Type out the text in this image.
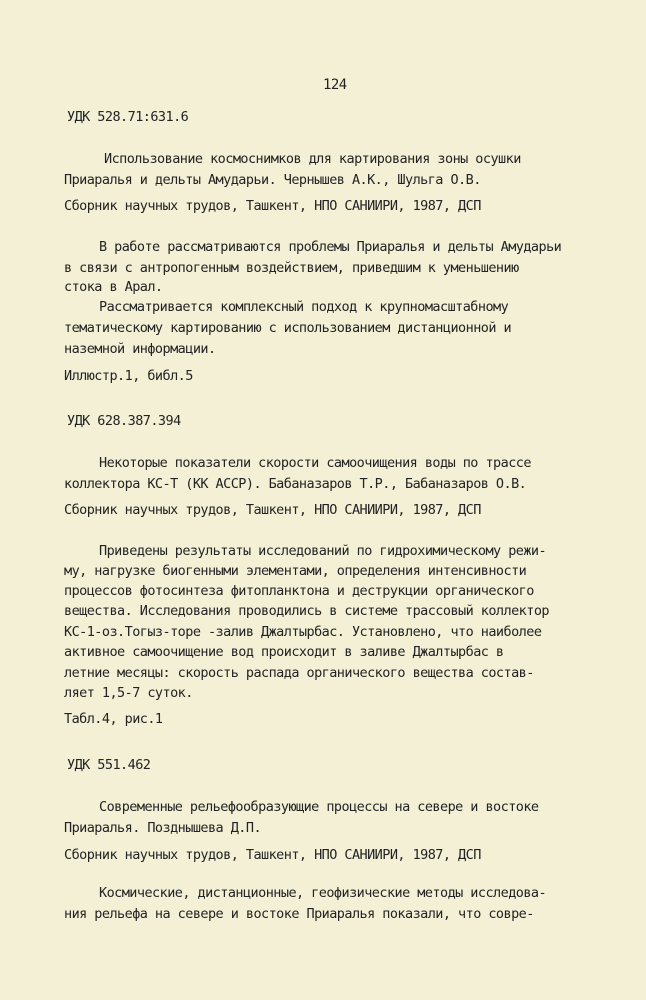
124
УДК 528.71:631.6
Использование космоснимков для картирования зоны осушки
Приаралья и дельты Амударьи. Чернышев А.К., Шульга О.В.
Сборник научных трудов, Ташкент, НПО САНИИРИ, 1987, ДСП
В работе рассматриваются проблемы Приаралья и дельты Амударьи
в связи с антропогенным воздействием, приведшим к уменьшению
стока в Арал.
Рассматривается комплексный подход к крупномасштабному
тематическому картированию с использованием дистанционной и
наземной информации.
Иллюстр.1, библ.5
УДК 628.387.394
Некоторые показатели скорости самоочищения воды по трассе
коллектора КС-Т (КК АССР). Бабаназаров Т.Р., Бабаназаров О.В.
Сборник научных трудов, Ташкент, НПО САНИИРИ, 1987, ДСП
Приведены результаты исследований по гидрохимическому режи-
му, нагрузке биогенными элементами, определения интенсивности
процессов фотосинтеза фитопланктона и деструкции органического
вещества. Исследования проводились в системе трассовый коллектор
КС-1-оз.Тогыз-торе -залив Джалтырбас. Установлено, что наиболее
активное самоочищение вод происходит в заливе Джалтырбас в
летние месяцы: скорость распада органического вещества состав-
ляет 1,5-7 суток.
Табл.4, рис.1
УДК 551.462
Современные рельефообразующие процессы на севере и востоке
Приаралья. Позднышева Д.П.
Сборник научных трудов, Ташкент, НПО САНИИРИ, 1987, ДСП
Космические, дистанционные, геофизические методы исследова-
ния рельефа на севере и востоке Приаралья показали, что совре-
